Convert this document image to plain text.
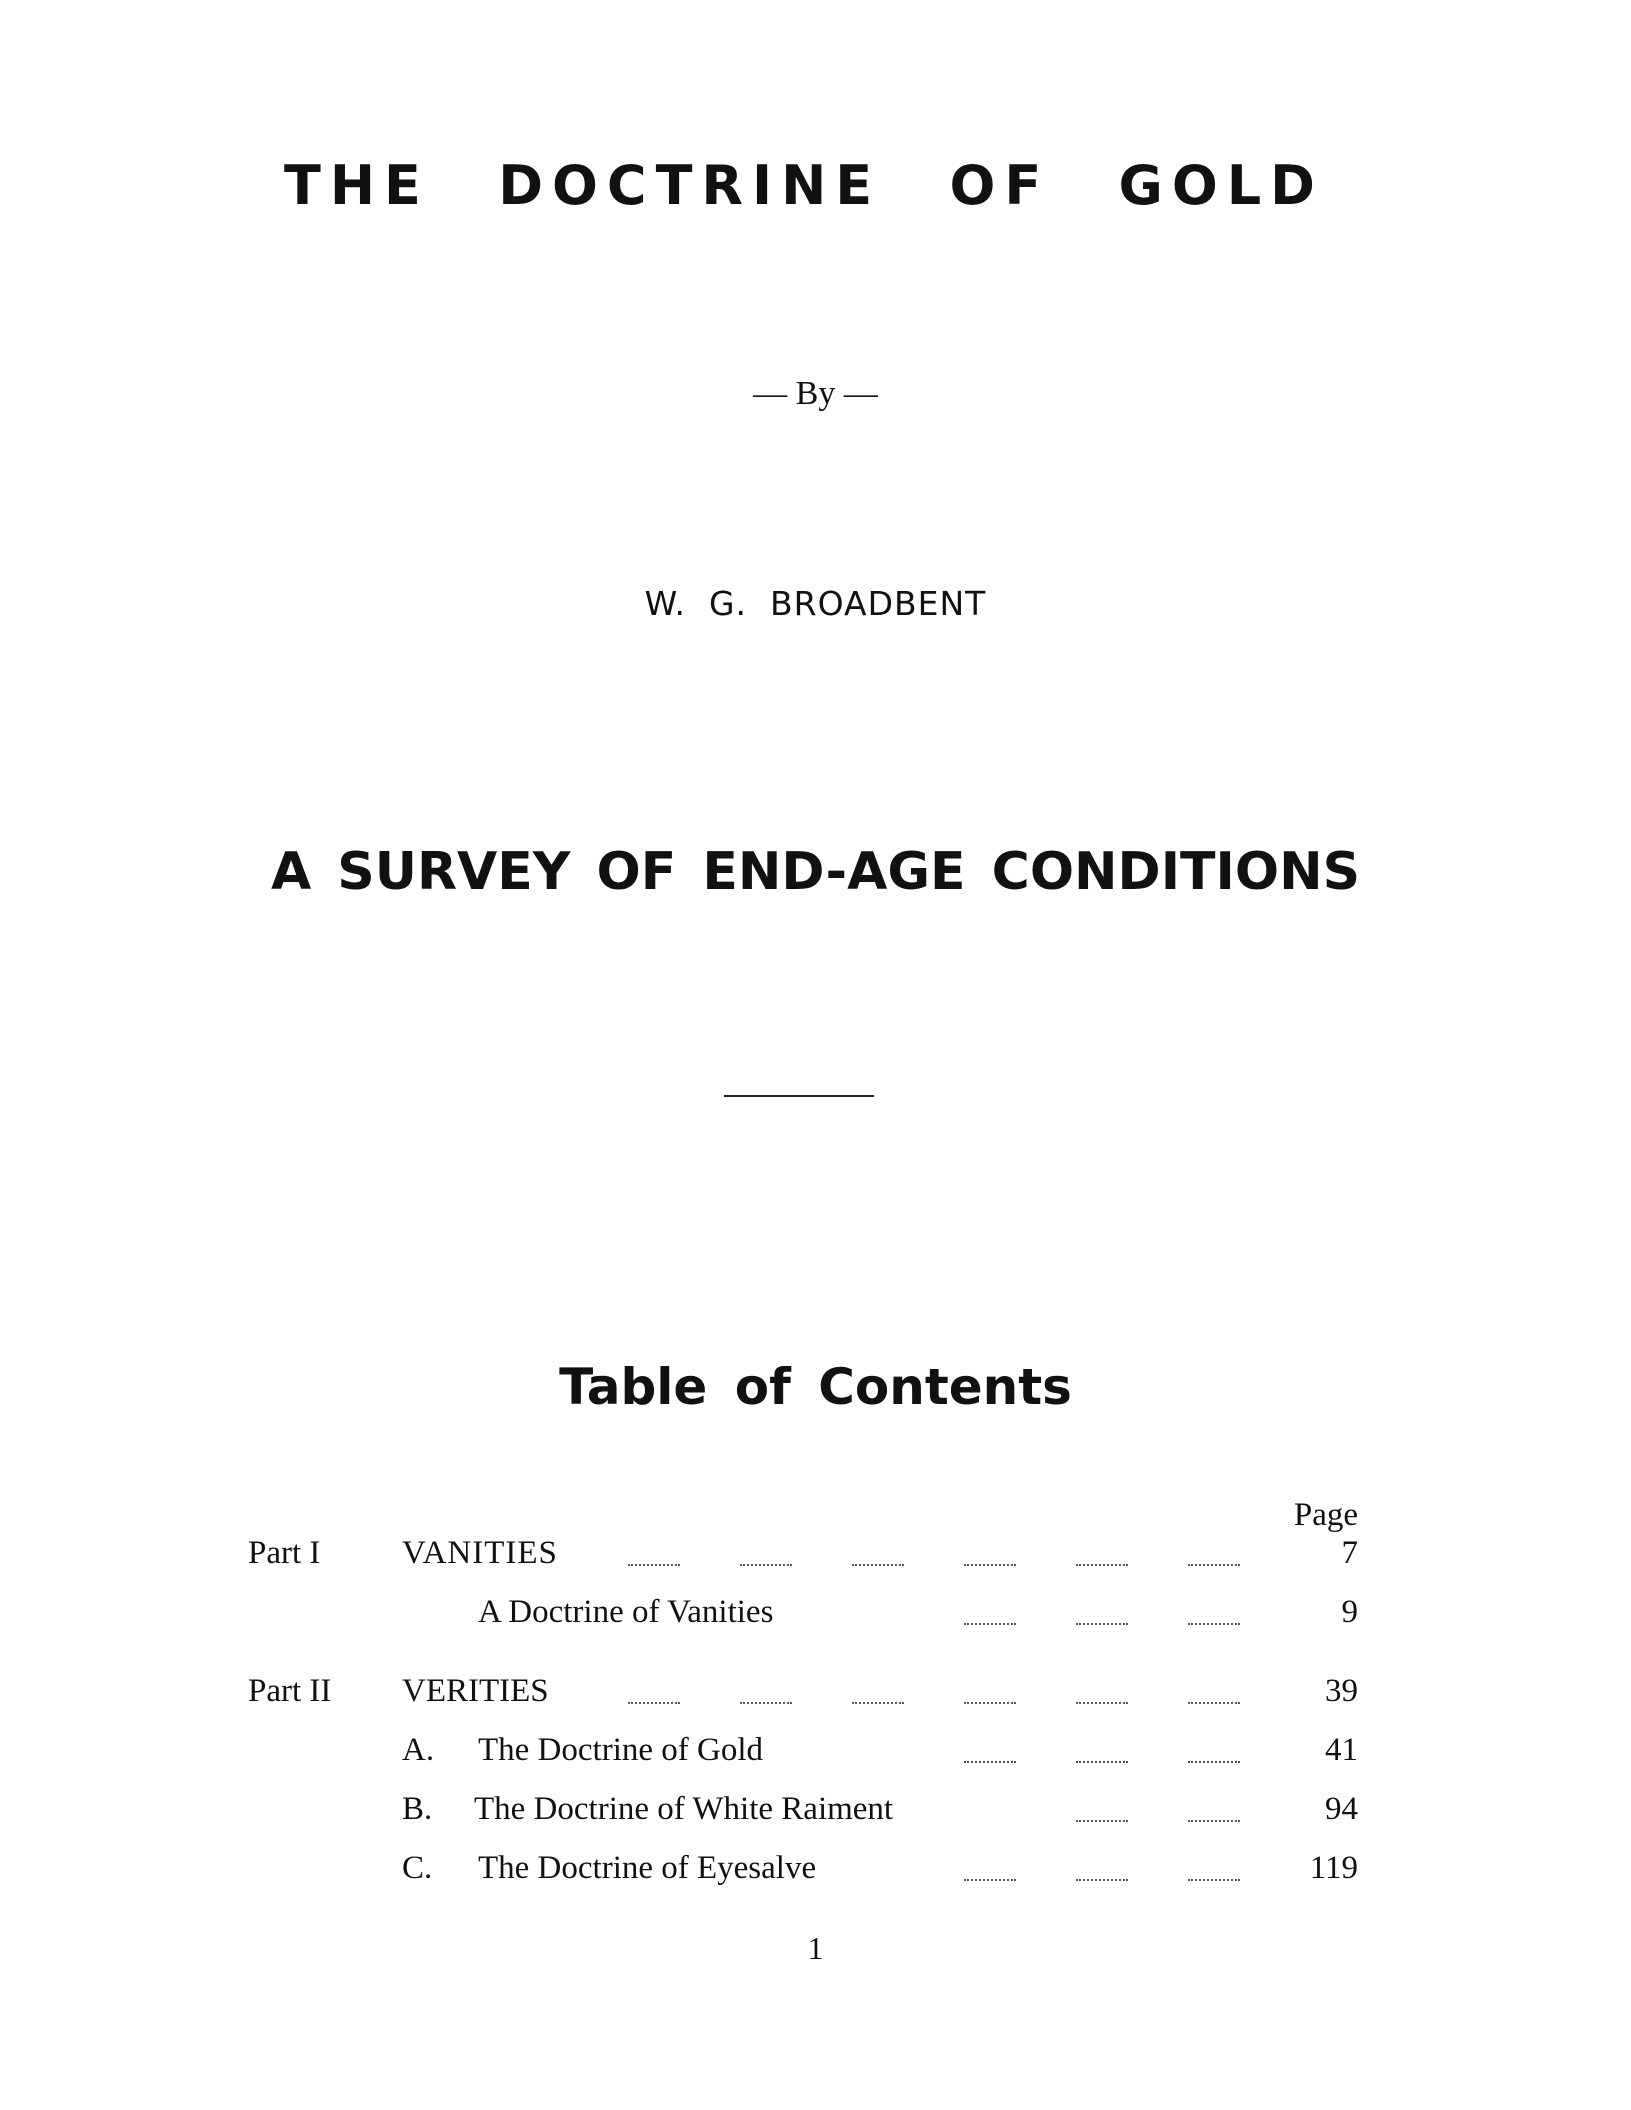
THE DOCTRINE OF GOLD
— By —
W.  G.  BROADBENT
A SURVEY OF END-AGE CONDITIONS
Table of Contents
Page
Part I VANITIES	7
A Doctrine of Vanities	9
Part II VERITIES	39
A. The Doctrine of Gold	41
B. The Doctrine of White Raiment	94
C. The Doctrine of Eyesalve	119
1
